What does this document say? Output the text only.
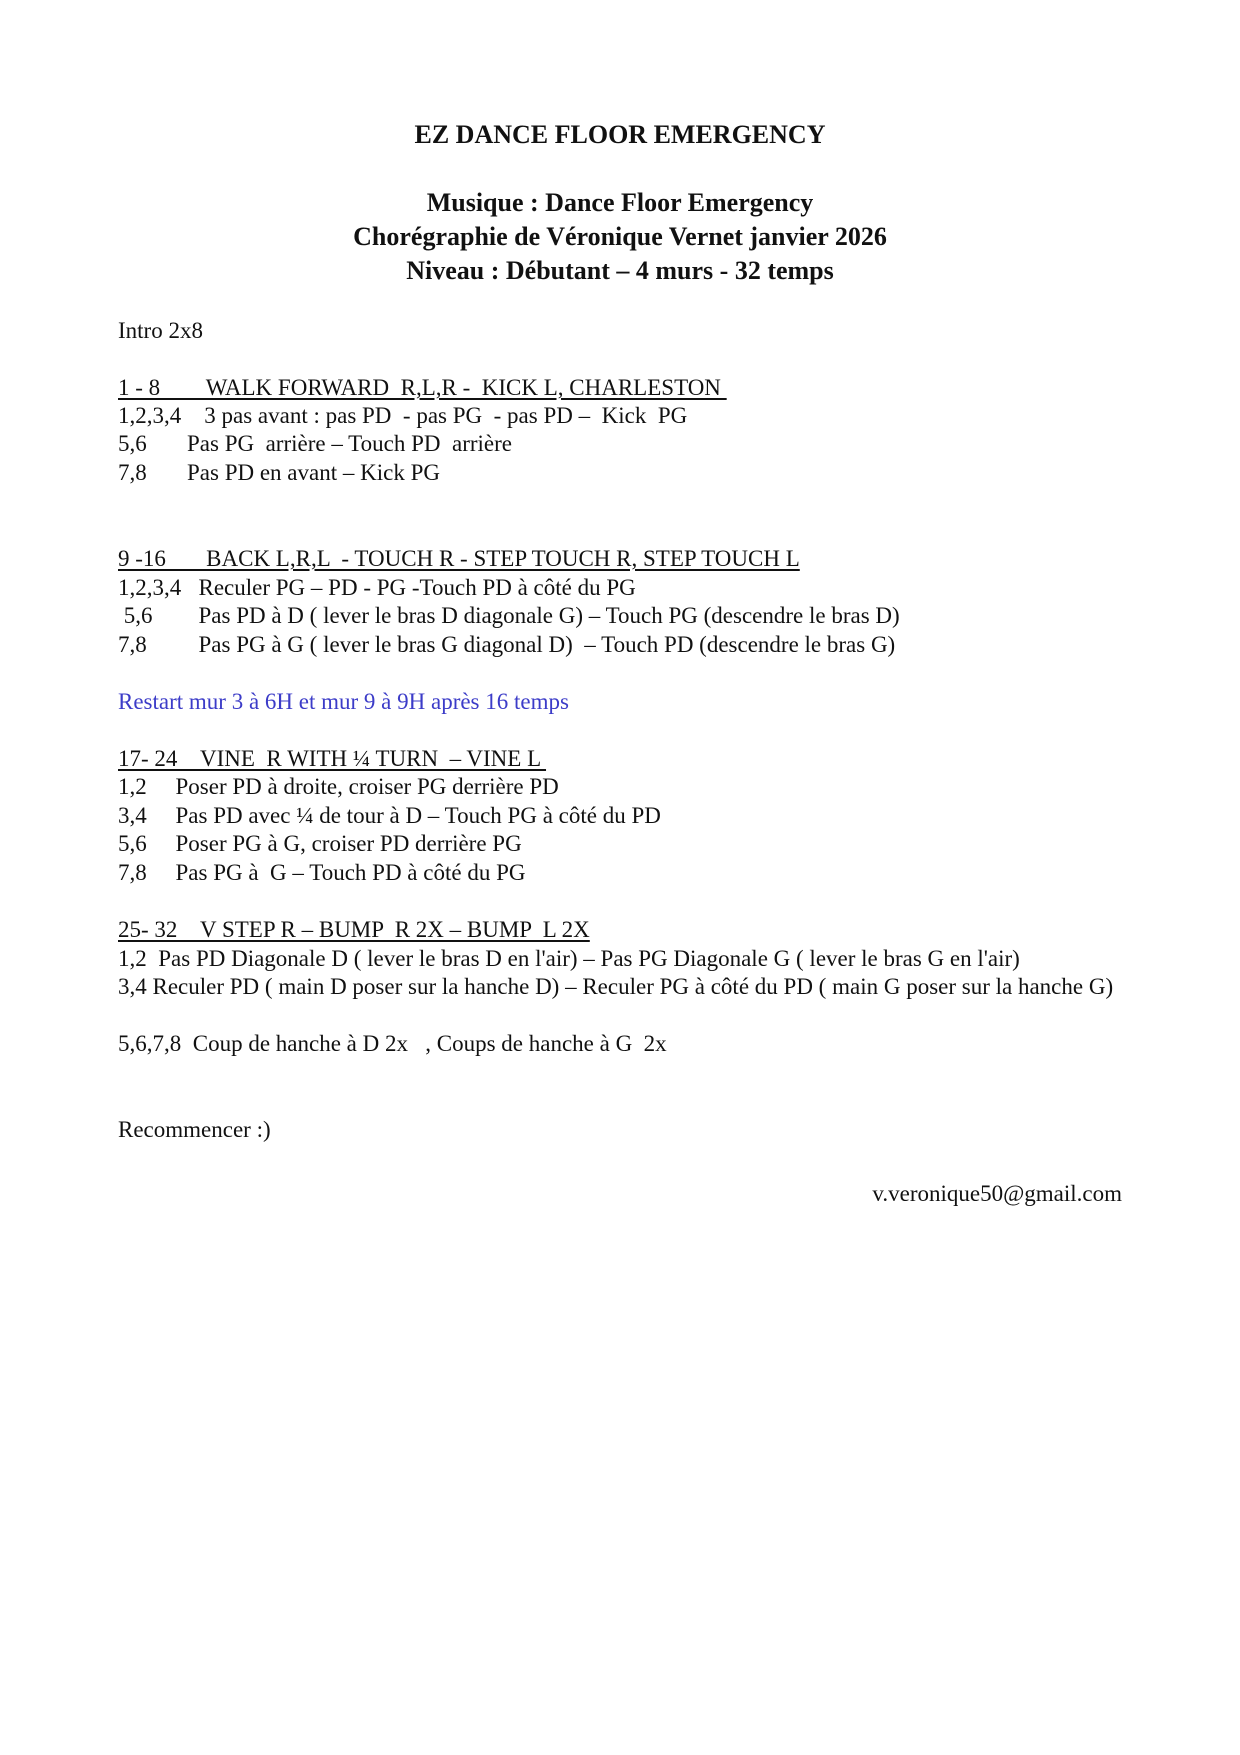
EZ DANCE FLOOR EMERGENCY
Musique : Dance Floor Emergency
Chorégraphie de Véronique Vernet janvier 2026
Niveau : Débutant – 4 murs - 32 temps
Intro 2x8
1 - 8        WALK FORWARD  R,L,R -  KICK L, CHARLESTON
1,2,3,4    3 pas avant : pas PD  - pas PG  - pas PD –  Kick  PG
5,6       Pas PG  arrière – Touch PD  arrière
7,8       Pas PD en avant – Kick PG
9 -16       BACK L,R,L  - TOUCH R - STEP TOUCH R, STEP TOUCH L
1,2,3,4   Reculer PG – PD - PG -Touch PD à côté du PG
5,6        Pas PD à D ( lever le bras D diagonale G) – Touch PG (descendre le bras D)
7,8         Pas PG à G ( lever le bras G diagonal D)  – Touch PD (descendre le bras G)
Restart mur 3 à 6H et mur 9 à 9H après 16 temps
17- 24    VINE  R WITH ¼ TURN  – VINE L
1,2     Poser PD à droite, croiser PG derrière PD
3,4     Pas PD avec ¼ de tour à D – Touch PG à côté du PD
5,6     Poser PG à G, croiser PD derrière PG
7,8     Pas PG à  G – Touch PD à côté du PG
25- 32    V STEP R – BUMP  R 2X – BUMP  L 2X
1,2  Pas PD Diagonale D ( lever le bras D en l'air) – Pas PG Diagonale G ( lever le bras G en l'air)
3,4 Reculer PD ( main D poser sur la hanche D) – Reculer PG à côté du PD ( main G poser sur la hanche G)
5,6,7,8  Coup de hanche à D 2x   , Coups de hanche à G  2x
Recommencer :)
v.veronique50@gmail.com
